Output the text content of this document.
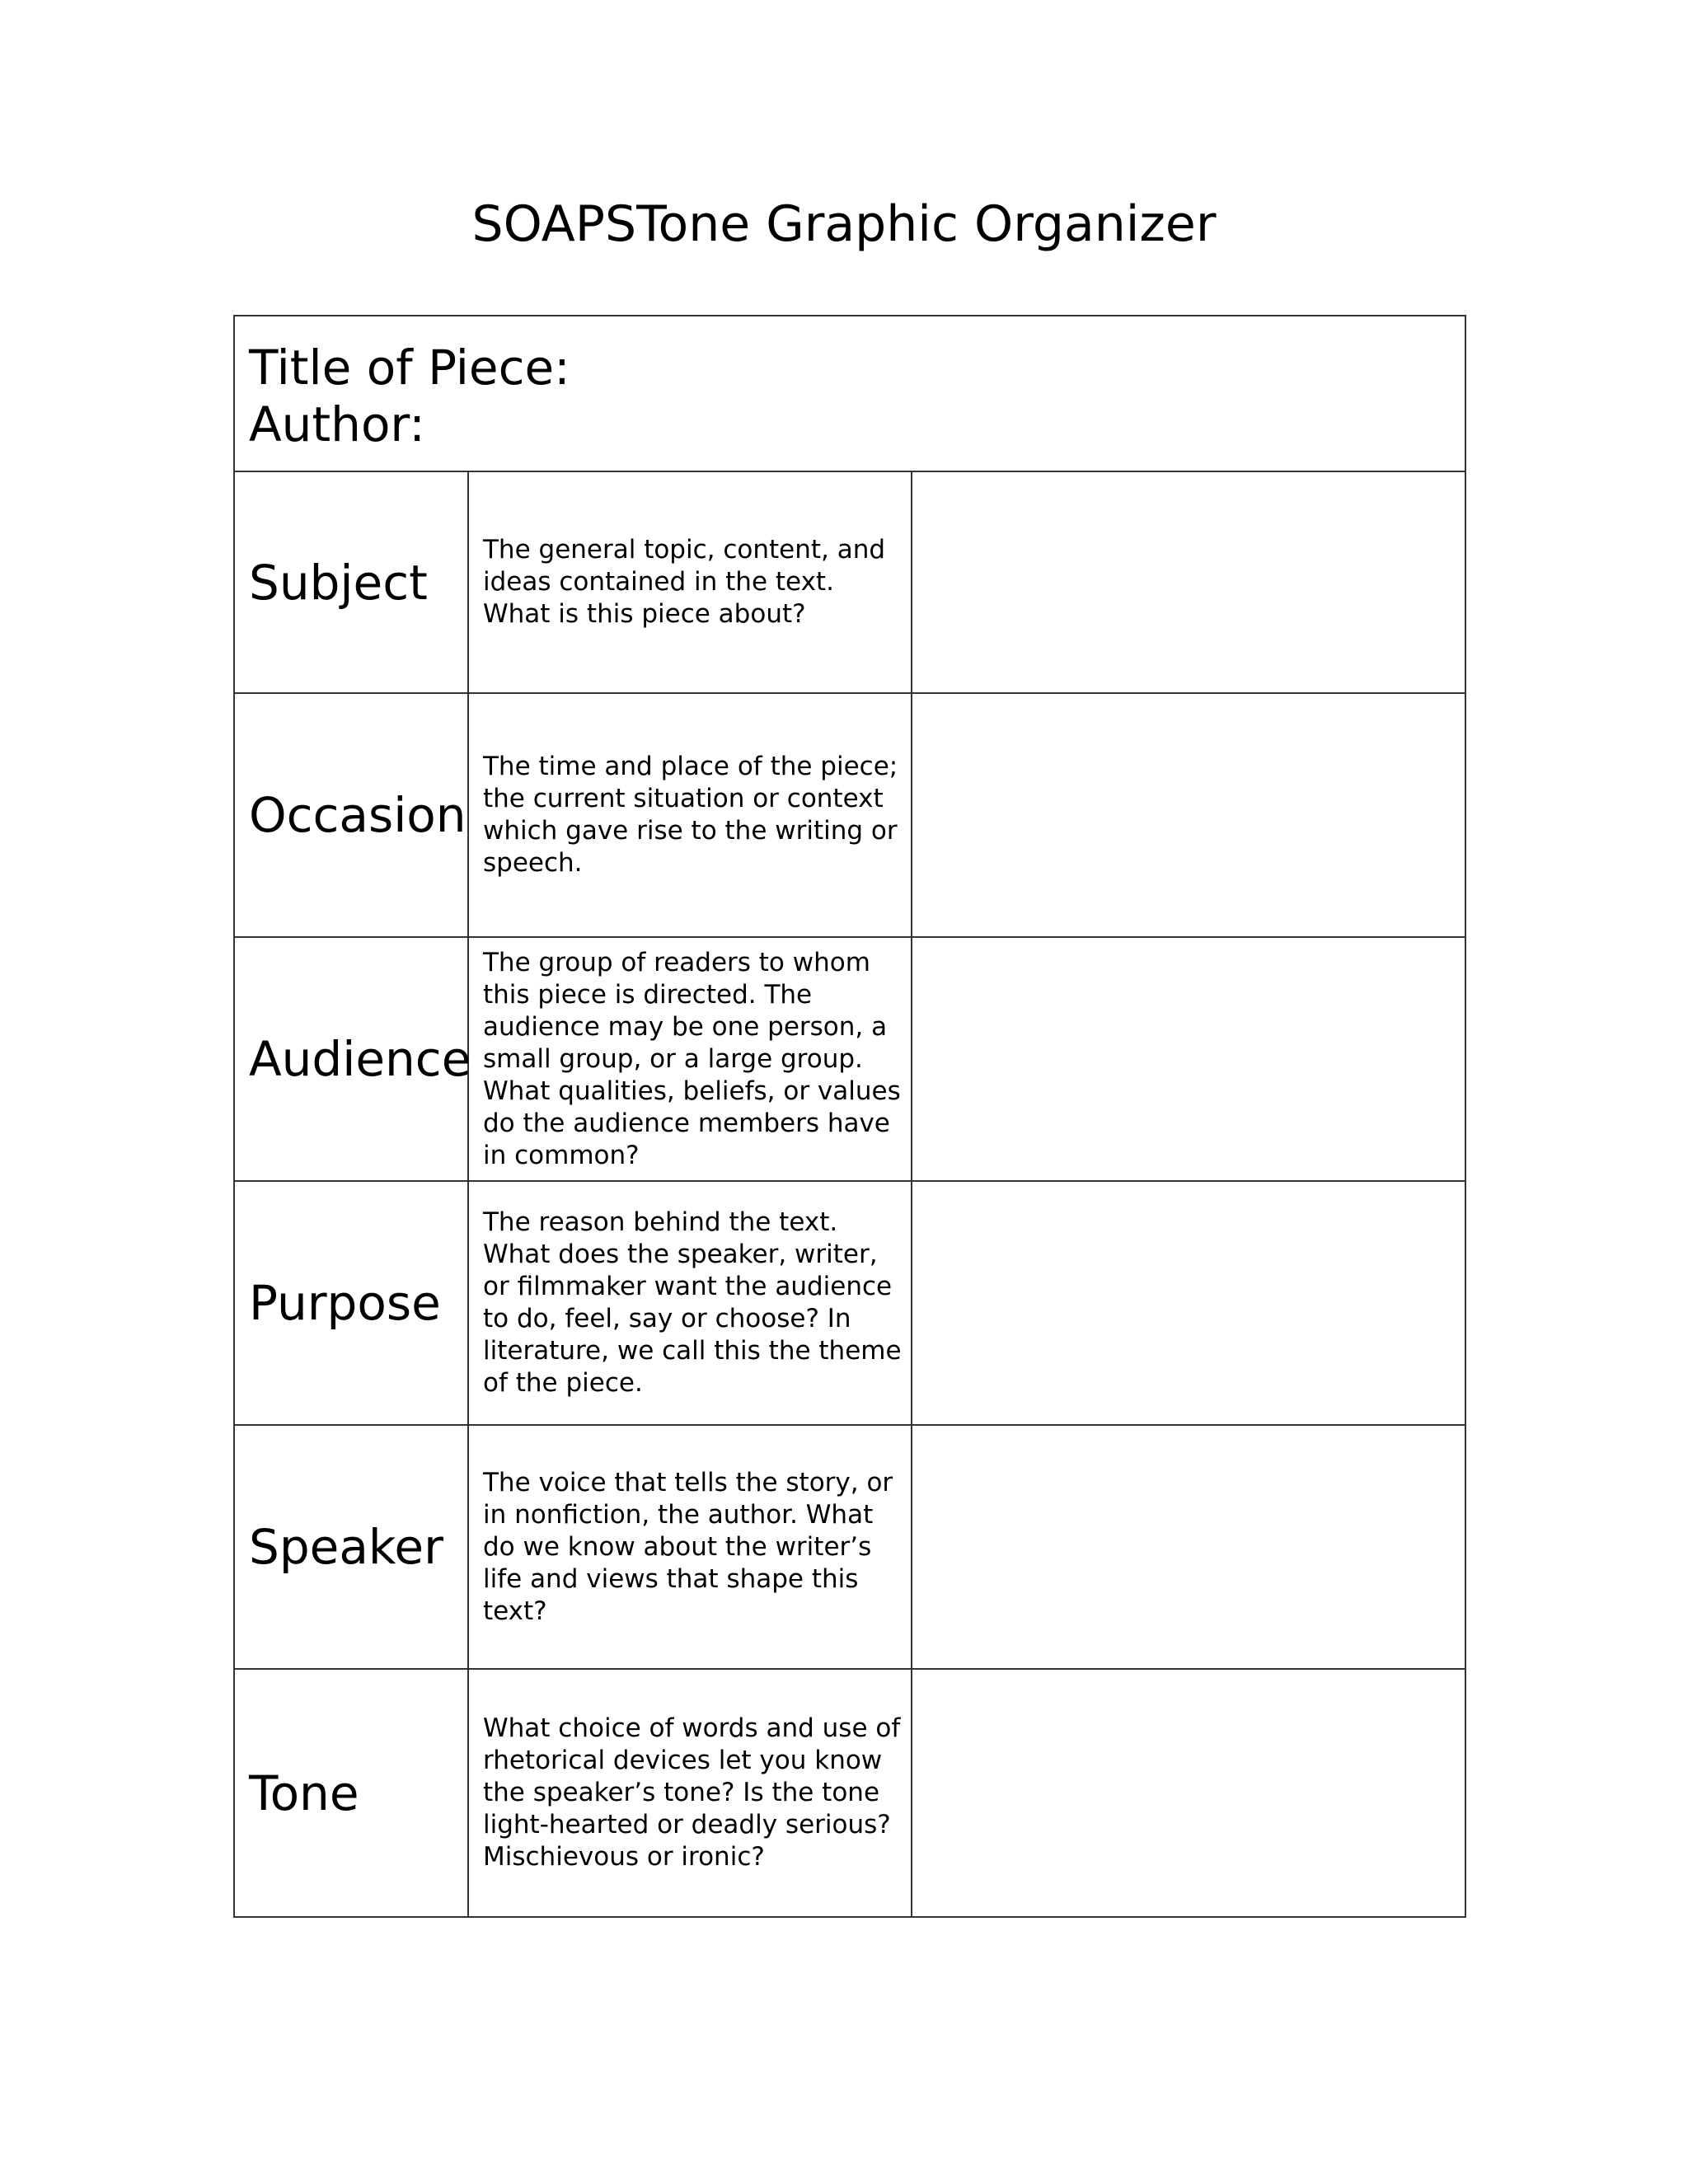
SOAPSTone Graphic Organizer
Title of Piece:
Author:
Subject
The general topic, content, and ideas contained in the text. What is this piece about?
Occasion
The time and place of the piece; the current situation or context which gave rise to the writing or speech.
Audience
The group of readers to whom this piece is directed. The audience may be one person, a small group, or a large group. What qualities, beliefs, or values do the audience members have in common?
Purpose
The reason behind the text. What does the speaker, writer, or filmmaker want the audience to do, feel, say or choose? In literature, we call this the theme of the piece.
Speaker
The voice that tells the story, or in nonfiction, the author. What do we know about the writer’s life and views that shape this text?
Tone
What choice of words and use of rhetorical devices let you know the speaker’s tone? Is the tone light-hearted or deadly serious? Mischievous or ironic?
